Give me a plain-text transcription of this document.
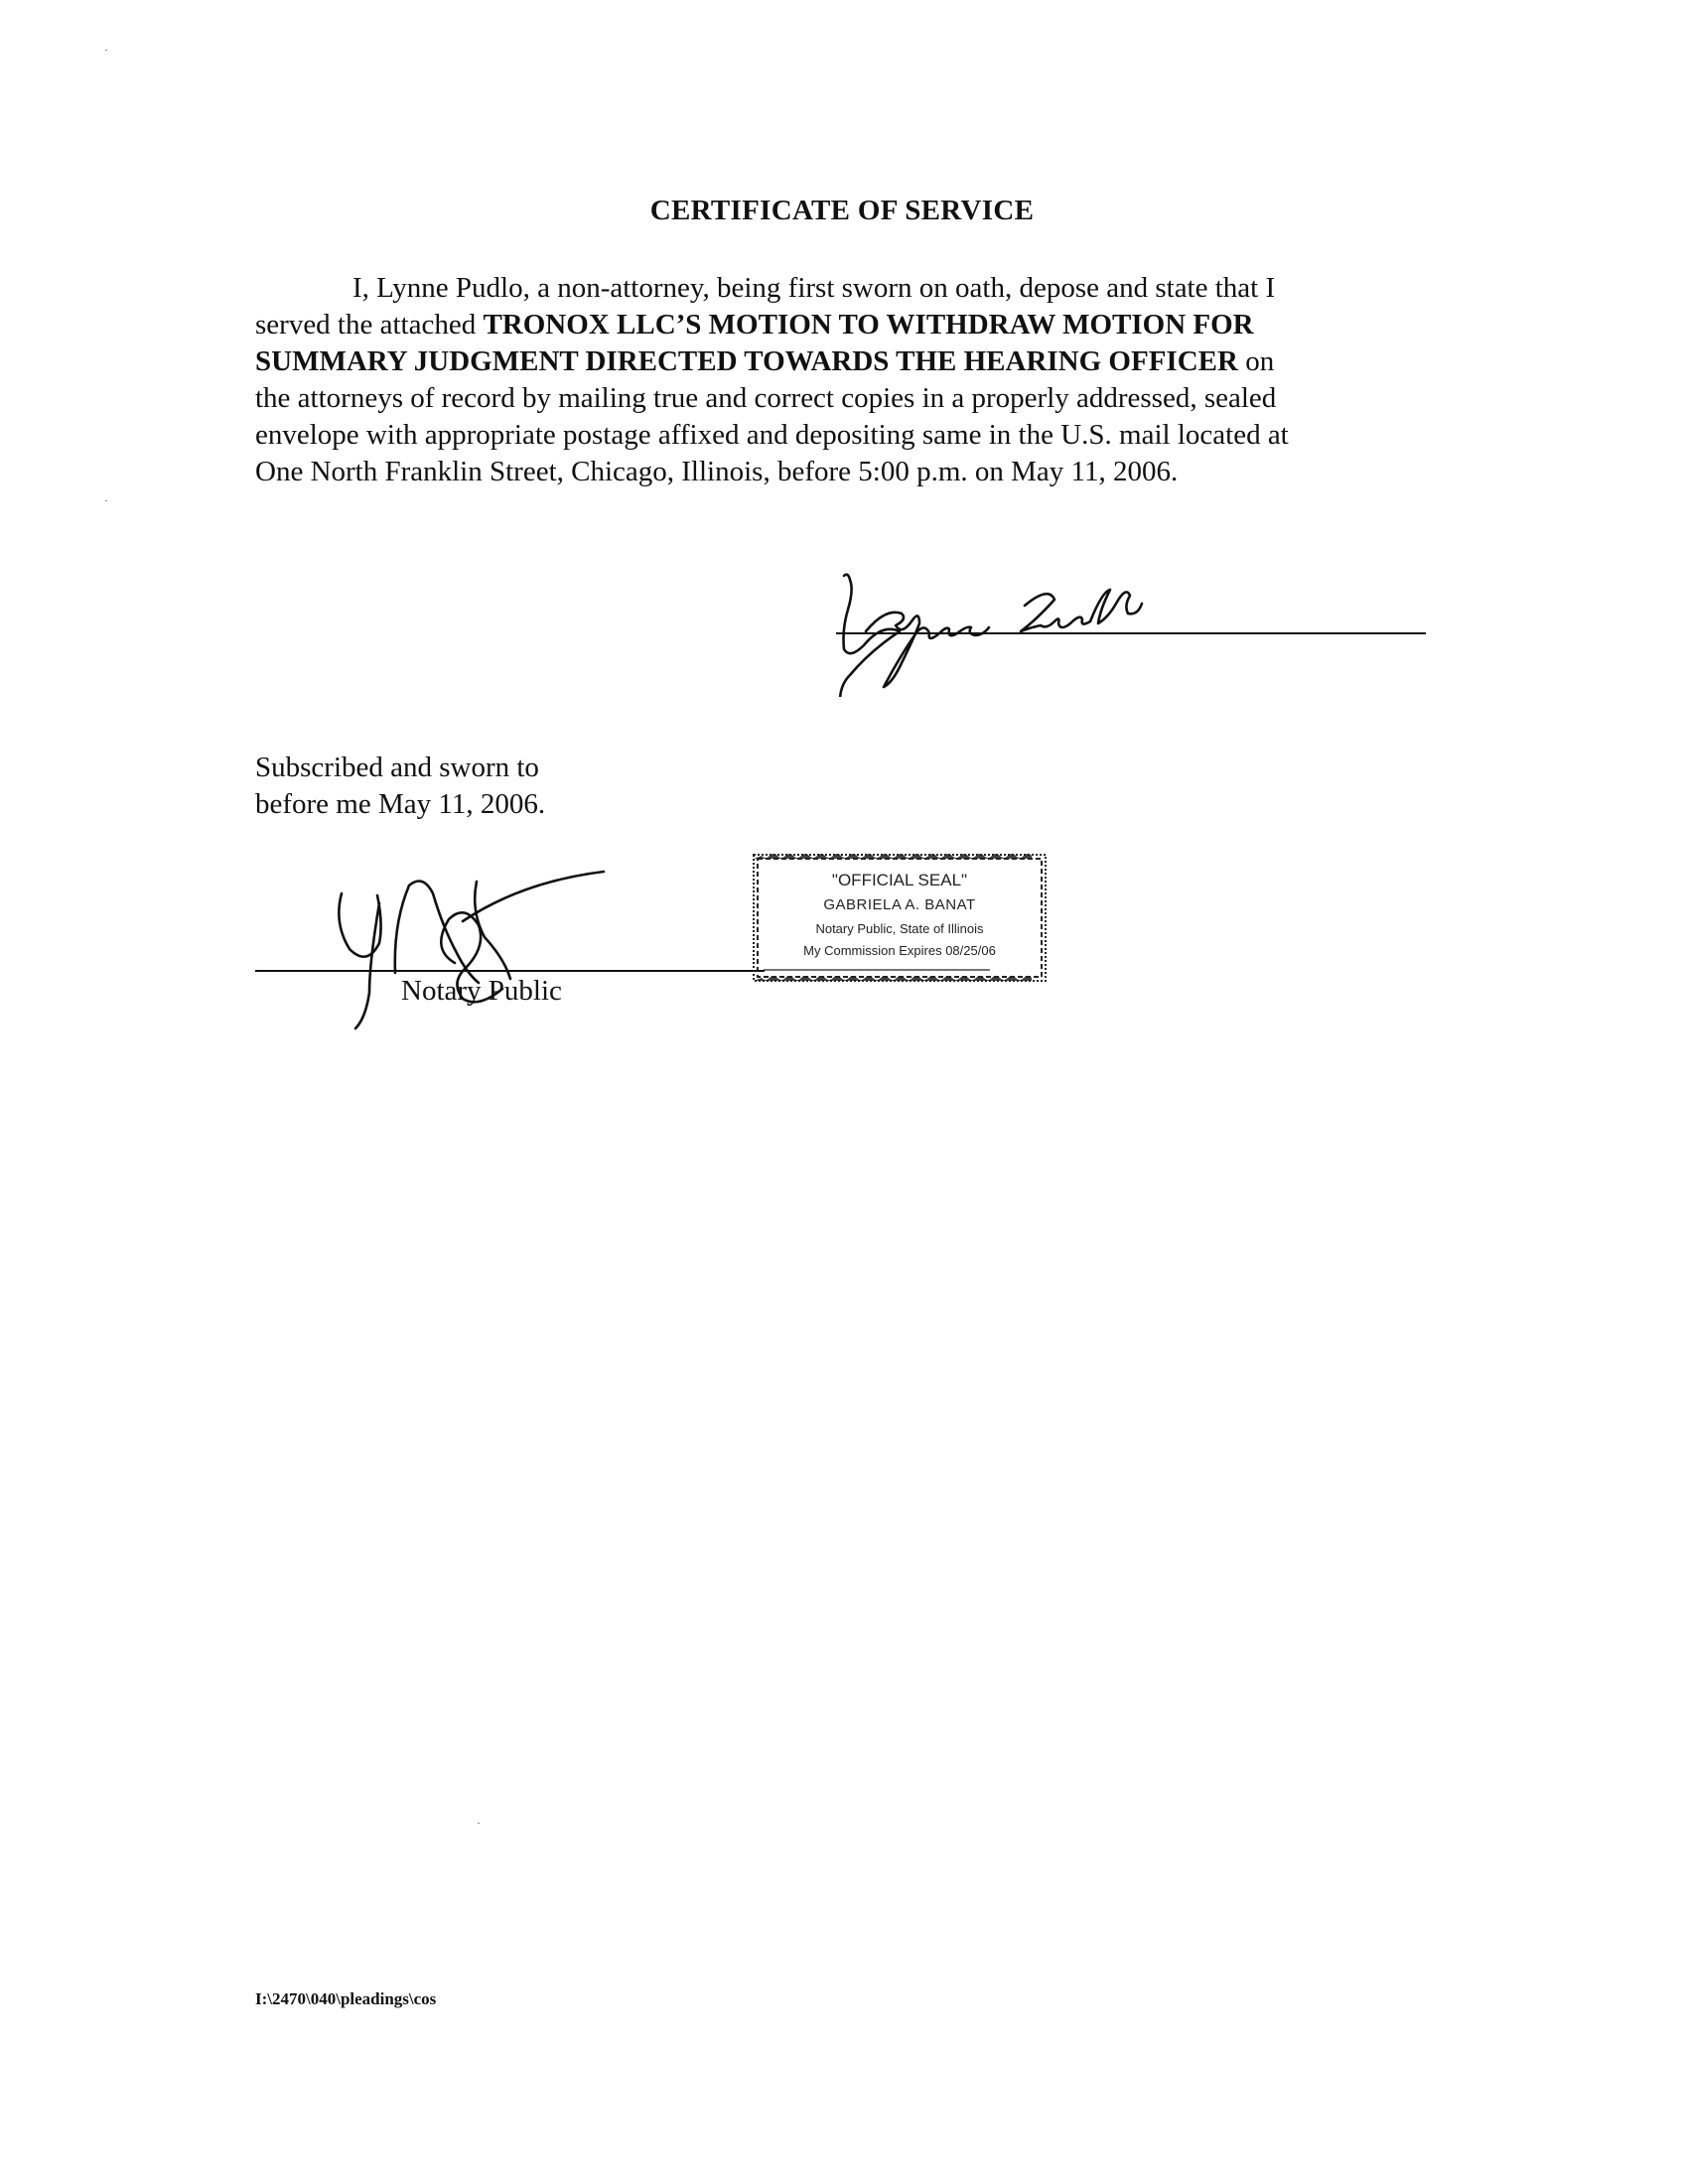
CERTIFICATE OF SERVICE
I, Lynne Pudlo, a non-attorney, being first sworn on oath, depose and state that I
served the attached TRONOX LLC’S MOTION TO WITHDRAW MOTION FOR
SUMMARY JUDGMENT DIRECTED TOWARDS THE HEARING OFFICER on
the attorneys of record by mailing true and correct copies in a properly addressed, sealed
envelope with appropriate postage affixed and depositing same in the U.S. mail located at
One North Franklin Street, Chicago, Illinois, before 5:00 p.m. on May 11, 2006.
Subscribed and sworn to
before me May 11, 2006.
Notary Public
"OFFICIAL SEAL"
GABRIELA A. BANAT
Notary Public, State of Illinois
My Commission Expires 08/25/06
I:\2470\040\pleadings\cos
